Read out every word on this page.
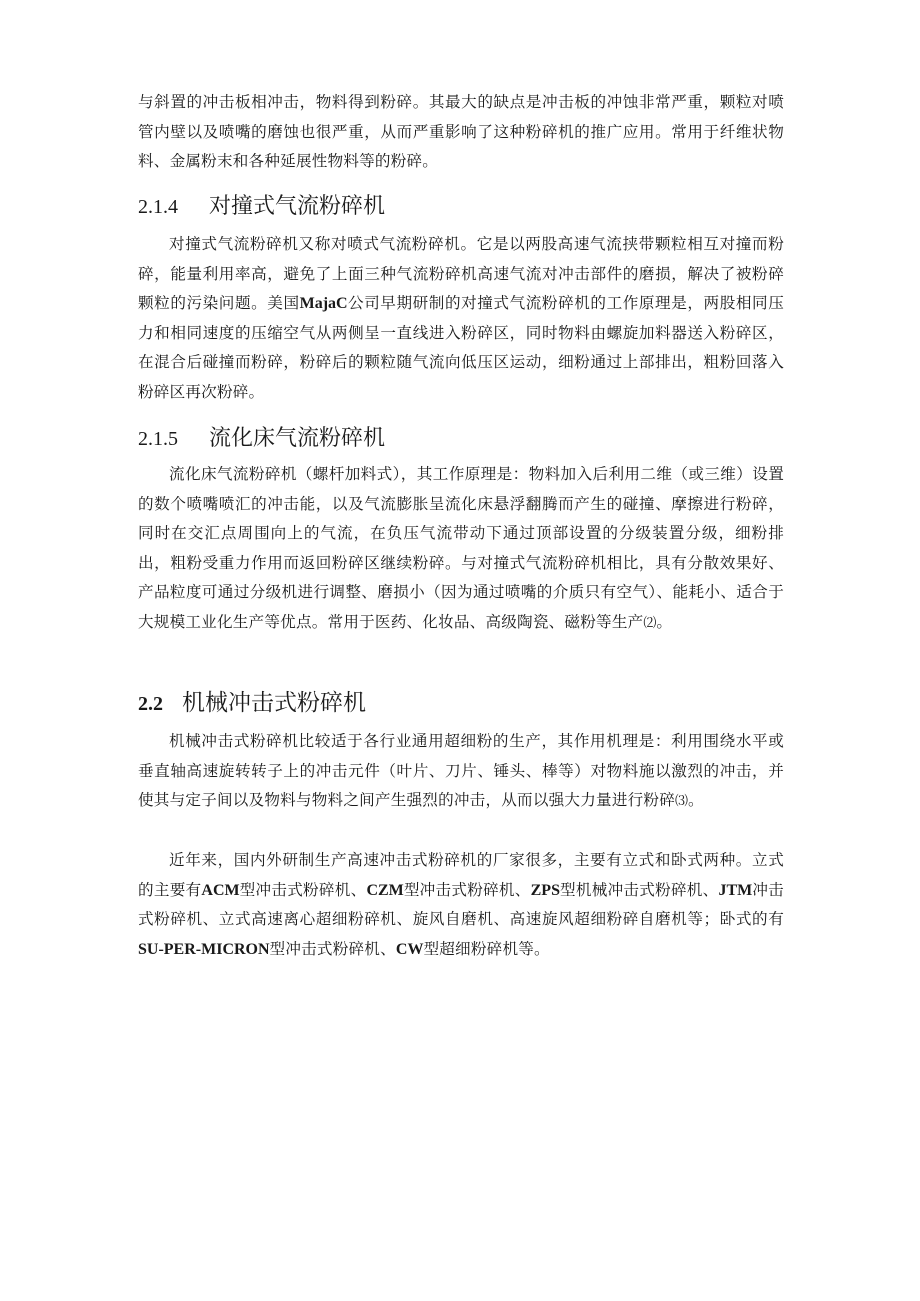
与斜置的冲击板相冲击，物料得到粉碎。其最大的缺点是冲击板的冲蚀非常严重，颗粒对喷管内壁以及喷嘴的磨蚀也很严重，从而严重影响了这种粉碎机的推广应用。常用于纤维状物料、金属粉末和各种延展性物料等的粉碎。

2.1.4 对撞式气流粉碎机

对撞式气流粉碎机又称对喷式气流粉碎机。它是以两股高速气流挟带颗粒相互对撞而粉碎，能量利用率高，避免了上面三种气流粉碎机高速气流对冲击部件的磨损，解决了被粉碎颗粒的污染问题。美国MajaC公司早期研制的对撞式气流粉碎机的工作原理是，两股相同压力和相同速度的压缩空气从两侧呈一直线进入粉碎区，同时物料由螺旋加料器送入粉碎区，在混合后碰撞而粉碎，粉碎后的颗粒随气流向低压区运动，细粉通过上部排出，粗粉回落入粉碎区再次粉碎。

2.1.5 流化床气流粉碎机

流化床气流粉碎机（螺杆加料式），其工作原理是：物料加入后利用二维（或三维）设置的数个喷嘴喷汇的冲击能，以及气流膨胀呈流化床悬浮翻腾而产生的碰撞、摩擦进行粉碎，同时在交汇点周围向上的气流，在负压气流带动下通过顶部设置的分级装置分级，细粉排出，粗粉受重力作用而返回粉碎区继续粉碎。与对撞式气流粉碎机相比，具有分散效果好、产品粒度可通过分级机进行调整、磨损小（因为通过喷嘴的介质只有空气）、能耗小、适合于大规模工业化生产等优点。常用于医药、化妆品、高级陶瓷、磁粉等生产⑵。

2.2 机械冲击式粉碎机

机械冲击式粉碎机比较适于各行业通用超细粉的生产，其作用机理是：利用围绕水平或垂直轴高速旋转转子上的冲击元件（叶片、刀片、锤头、棒等）对物料施以激烈的冲击，并使其与定子间以及物料与物料之间产生强烈的冲击，从而以强大力量进行粉碎⑶。

近年来，国内外研制生产高速冲击式粉碎机的厂家很多，主要有立式和卧式两种。立式的主要有ACM型冲击式粉碎机、CZM型冲击式粉碎机、ZPS型机械冲击式粉碎机、JTM冲击式粉碎机、立式高速离心超细粉碎机、旋风自磨机、高速旋风超细粉碎自磨机等；卧式的有SU-PER-MICRON型冲击式粉碎机、CW型超细粉碎机等。
